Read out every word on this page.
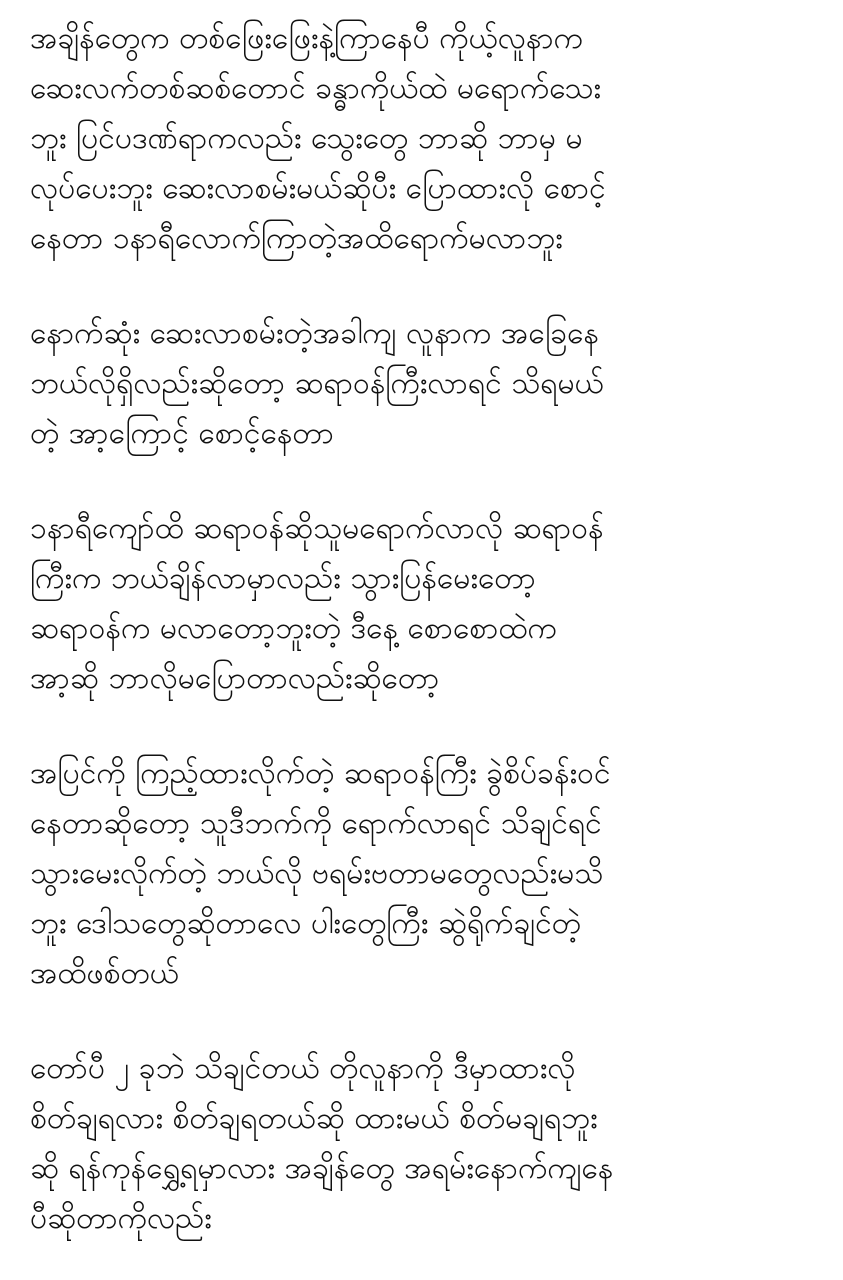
အချိန်တွေက တစ်ဖြေးဖြေးနဲ့ကြာနေပီ ကိုယ့်လူနာက
ဆေးလက်တစ်ဆစ်တောင် ခန္ဓာကိုယ်ထဲ မရောက်သေး
ဘူး ပြင်ပဒဏ်ရာကလည်း သွေးတွေ ဘာဆို ဘာမှ မ
လုပ်ပေးဘူး ဆေးလာစမ်းမယ်ဆိုပီး ပြောထားလို စောင့်
နေတာ ၁နာရီလောက်ကြာတဲ့အထိရောက်မလာဘူး

နောက်ဆုံး ဆေးလာစမ်းတဲ့အခါကျ လူနာက အခြေနေ
ဘယ်လိုရှိလည်းဆိုတော့ ဆရာဝန်ကြီးလာရင် သိရမယ်
တဲ့ အာ့ကြောင့် စောင့်နေတာ

၁နာရီကျော်ထိ ဆရာဝန်ဆိုသူမရောက်လာလို ဆရာဝန်
ကြီးက ဘယ်ချိန်လာမှာလည်း သွားပြန်မေးတော့
ဆရာဝန်က မလာတော့ဘူးတဲ့ ဒီနေ့ စောစောထဲက
အာ့ဆို ဘာလိုမပြောတာလည်းဆိုတော့

အပြင်ကို ကြည့်ထားလိုက်တဲ့ ဆရာဝန်ကြီး ခွဲစိပ်ခန်းဝင်
နေတာဆိုတော့ သူဒီဘက်ကို ရောက်လာရင် သိချင်ရင်
သွားမေးလိုက်တဲ့ ဘယ်လို ဗရမ်းဗတာမတွေလည်းမသိ
ဘူး ဒေါသတွေဆိုတာလေ ပါးတွေကြီး ဆွဲရိုက်ချင်တဲ့
အထိဖစ်တယ်

တော်ပီ ၂ ခုဘဲ သိချင်တယ် တိုလူနာကို ဒီမှာထားလို
စိတ်ချရလား စိတ်ချရတယ်ဆို ထားမယ် စိတ်မချရဘူး
ဆို ရန်ကုန်ရွှေ့ရမှာလား အချိန်တွေ အရမ်းနောက်ကျနေ
ပီဆိုတာကိုလည်း
